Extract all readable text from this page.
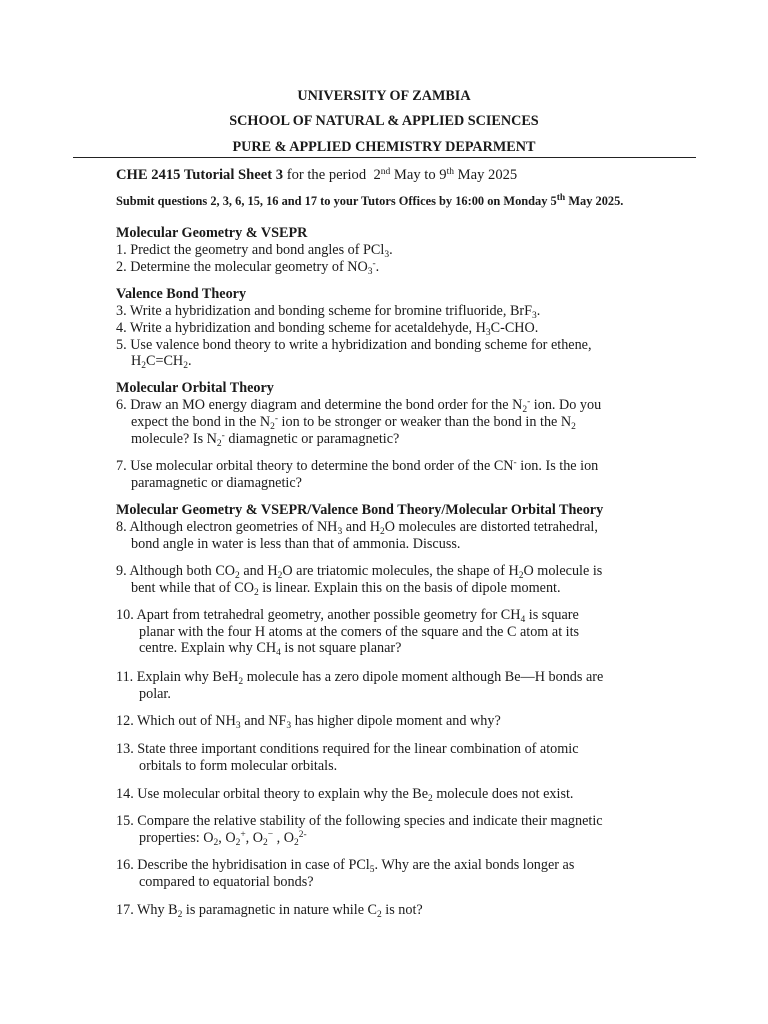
UNIVERSITY OF ZAMBIA
SCHOOL OF NATURAL & APPLIED SCIENCES
PURE & APPLIED CHEMISTRY DEPARMENT
CHE 2415 Tutorial Sheet 3 for the period 2nd May to 9th May 2025
Submit questions 2, 3, 6, 15, 16 and 17 to your Tutors Offices by 16:00 on Monday 5th May 2025.
Molecular Geometry & VSEPR
1. Predict the geometry and bond angles of PCl$_3$.
2. Determine the molecular geometry of $NO_3^-$.
Valence Bond Theory
3. Write a hybridization and bonding scheme for bromine trifluoride, BrF$_3$.
4. Write a hybridization and bonding scheme for acetaldehyde, $H_3C$-CHO.
5. Use valence bond theory to write a hybridization and bonding scheme for ethene,
$H_2C=CH_2$.
Molecular Orbital Theory
6. Draw an MO energy diagram and determine the bond order for the $N_2^-$ ion. Do you
expect the bond in the $N_2^-$ ion to be stronger or weaker than the bond in the $N_2$
molecule? Is $N_2^-$ diamagnetic or paramagnetic?
7. Use molecular orbital theory to determine the bond order of the CN- ion. Is the ion
paramagnetic or diamagnetic?
Molecular Geometry & VSEPR/Valence Bond Theory/Molecular Orbital Theory
8. Although electron geometries of $NH_3$ and $H_2O$ molecules are distorted tetrahedral,
bond angle in water is less than that of ammonia. Discuss.
9. Although both $CO_2$ and $H_2O$ are triatomic molecules, the shape of $H_2O$ molecule is
bent while that of $CO_2$ is linear. Explain this on the basis of dipole moment.
10. Apart from tetrahedral geometry, another possible geometry for $CH_4$ is square
planar with the four H atoms at the comers of the square and the C atom at its
centre. Explain why $CH_4$ is not square planar?
11. Explain why BeH$_2$ molecule has a zero dipole moment although Be—H bonds are
polar.
12. Which out of $NH_3$ and $NF_3$ has higher dipole moment and why?
13. State three important conditions required for the linear combination of atomic
orbitals to form molecular orbitals.
14. Use molecular orbital theory to explain why the $Be_2$ molecule does not exist.
15. Compare the relative stability of the following species and indicate their magnetic
properties: $O_2$, $O_2^+$, $O_2^-$ , $O_2^{2-}$
16. Describe the hybridisation in case of PCl$_5$. Why are the axial bonds longer as
compared to equatorial bonds?
17. Why $B_2$ is paramagnetic in nature while $C_2$ is not?
